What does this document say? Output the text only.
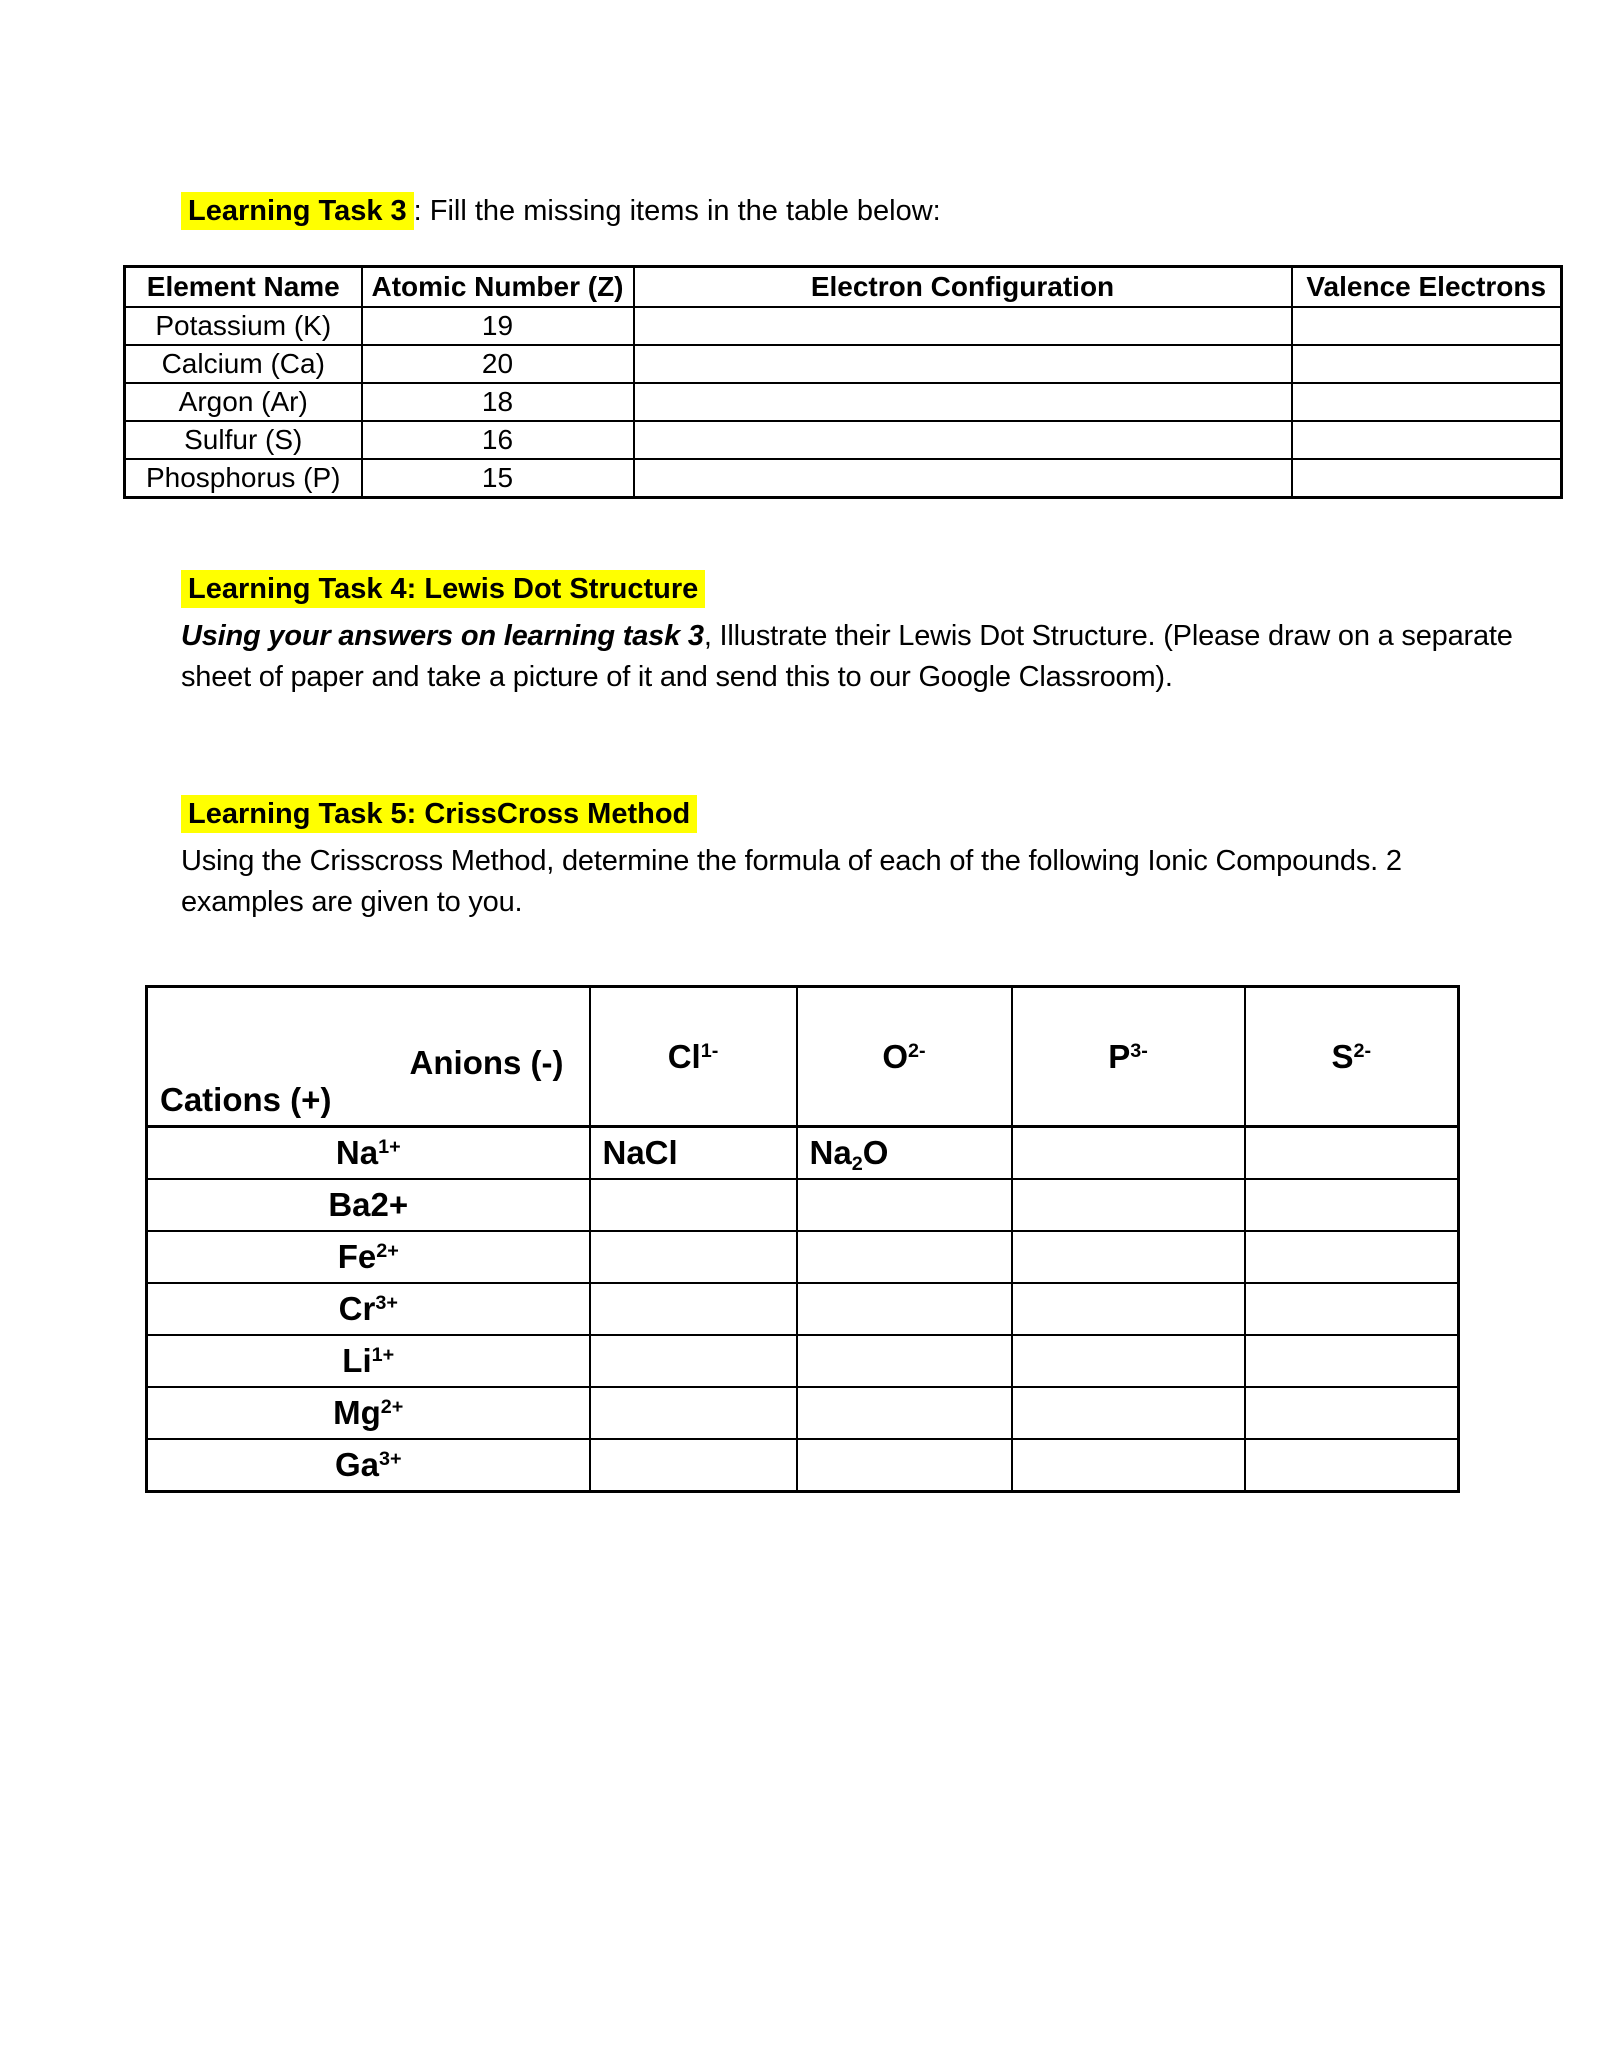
Learning Task 3 : Fill the missing items in the table below:
Element Name	Atomic Number (Z)	Electron Configuration	Valence Electrons
Potassium (K)	19		
Calcium (Ca)	20		
Argon (Ar)	18		
Sulfur (S)	16		
Phosphorus (P)	15		
Learning Task 4: Lewis Dot Structure
Using your answers on learning task 3, Illustrate their Lewis Dot Structure. (Please draw on a separate
sheet of paper and take a picture of it and send this to our Google Classroom).
Learning Task 5: CrissCross Method
Using the Crisscross Method, determine the formula of each of the following Ionic Compounds. 2
examples are given to you.
Anions (-)
Cations (+)	$Cl^{1-}$	$O^{2-}$	$P^{3-}$	$S^{2-}$
$Na^{1+}$	NaCl	Na2O		
Ba2+				
$Fe^{2+}$				
$Cr^{3+}$				
$Li^{1+}$				
$Mg^{2+}$				
$Ga^{3+}$				
